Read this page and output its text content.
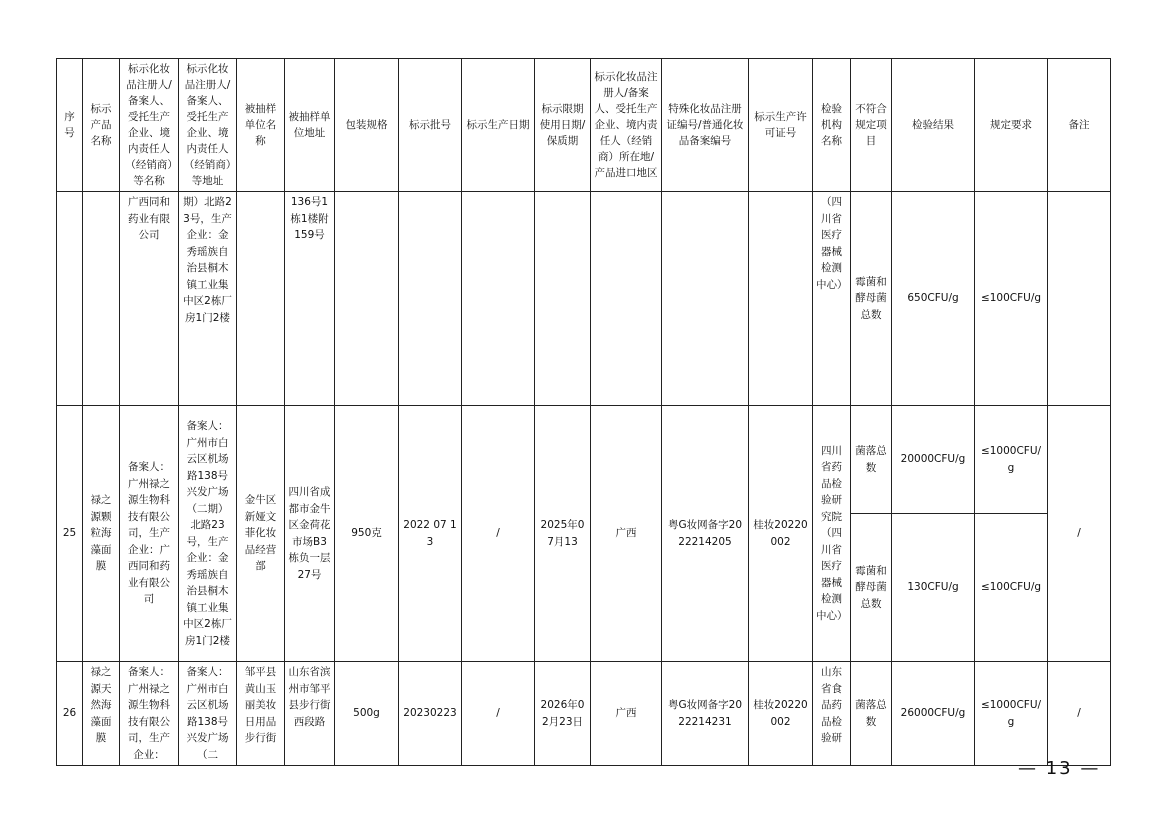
序号	标示产品名称	标示化妆品注册人/备案人、受托生产企业、境内责任人（经销商）等名称	标示化妆品注册人/备案人、受托生产企业、境内责任人（经销商）等地址	被抽样单位名称	被抽样单位地址	包装规格	标示批号	标示生产日期	标示限期使用日期/保质期	标示化妆品注册人/备案人、受托生产企业、境内责任人（经销商）所在地/产品进口地区	特殊化妆品注册证编号/普通化妆品备案编号	标示生产许可证号	检验机构名称	不符合规定项目	检验结果	规定要求	备注
		广西同和药业有限公司	期）北路23号，生产企业：金秀瑶族自治县桐木镇工业集中区2栋厂房1门2楼		136号1栋1楼附159号								（四川省医疗器械检测中心）	霉菌和酵母菌总数	650CFU/g	≤100CFU/g	
25	禄之源颗粒海藻面膜	备案人：广州禄之源生物科技有限公司，生产企业：广西同和药业有限公司	备案人：广州市白云区机场路138号兴发广场（二期）北路23号，生产企业：金秀瑶族自治县桐木镇工业集中区2栋厂房1门2楼	金牛区新娅文菲化妆品经营部	四川省成都市金牛区金荷花市场B3栋负一层27号	950克	2022 07 13	/	2025年07月13	广西	粤G妆网备字2022214205	桂妆20220002	四川省药品检验研究院（四川省医疗器械检测中心）	菌落总数	20000CFU/g	≤1000CFU/g	/
														霉菌和酵母菌总数	130CFU/g	≤100CFU/g	
26	禄之源天然海藻面膜	备案人：广州禄之源生物科技有限公司，生产企业：	备案人：广州市白云区机场路138号兴发广场（二	邹平县黄山玉丽美妆日用品步行街	山东省滨州市邹平县步行街西段路	500g	20230223	/	2026年02月23日	广西	粤G妆网备字2022214231	桂妆20220002	山东省食品药品检验研	菌落总数	26000CFU/g	≤1000CFU/g	/
— 13 —
